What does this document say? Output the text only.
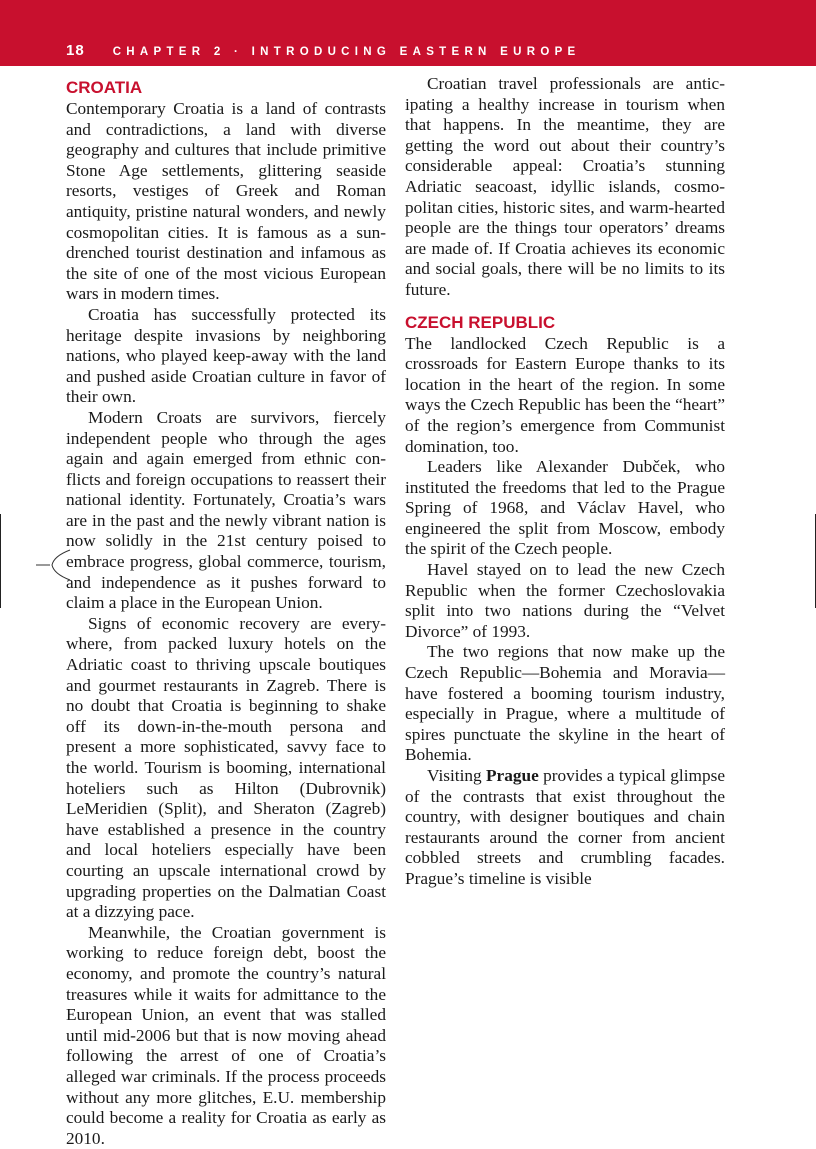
18 CHAPTER 2 · INTRODUCING EASTERN EUROPE
CROATIA

Contemporary Croatia is a land of contrasts and contradictions, a land with diverse geography and cultures that include primitive Stone Age settlements, glittering seaside resorts, vestiges of Greek and Roman antiquity, pristine natural wonders, and newly cosmopolitan cities. It is famous as a sun-drenched tourist destination and infamous as the site of one of the most vicious European wars in modern times.

Croatia has successfully protected its heritage despite invasions by neighboring nations, who played keep-away with the land and pushed aside Croatian culture in favor of their own.

Modern Croats are survivors, fiercely independent people who through the ages again and again emerged from ethnic conflicts and foreign occupations to reassert their national identity. Fortunately, Croatia’s wars are in the past and the newly vibrant nation is now solidly in the 21st century poised to embrace progress, global commerce, tourism, and independence as it pushes forward to claim a place in the European Union.

Signs of economic recovery are everywhere, from packed luxury hotels on the Adriatic coast to thriving upscale boutiques and gourmet restaurants in Zagreb. There is no doubt that Croatia is beginning to shake off its down-in-the-mouth persona and present a more sophisticated, savvy face to the world. Tourism is booming, international hoteliers such as Hilton (Dubrovnik) LeMeridien (Split), and Sheraton (Zagreb) have established a presence in the country and local hoteliers especially have been courting an upscale international crowd by upgrading properties on the Dalmatian Coast at a dizzying pace.

Meanwhile, the Croatian government is working to reduce foreign debt, boost the economy, and promote the country’s natural treasures while it waits for admittance to the European Union, an event that was stalled until mid-2006 but that is now moving ahead following the arrest of one of Croatia’s alleged war criminals. If the process proceeds without any more glitches, E.U. membership could become a reality for Croatia as early as 2010.

Croatian travel professionals are anticipating a healthy increase in tourism when that happens. In the meantime, they are getting the word out about their country’s considerable appeal: Croatia’s stunning Adriatic seacoast, idyllic islands, cosmopolitan cities, historic sites, and warm-hearted people are the things tour operators’ dreams are made of. If Croatia achieves its economic and social goals, there will be no limits to its future.

CZECH REPUBLIC

The landlocked Czech Republic is a crossroads for Eastern Europe thanks to its location in the heart of the region. In some ways the Czech Republic has been the “heart” of the region’s emergence from Communist domination, too.

Leaders like Alexander Dubček, who instituted the freedoms that led to the Prague Spring of 1968, and Václav Havel, who engineered the split from Moscow, embody the spirit of the Czech people.

Havel stayed on to lead the new Czech Republic when the former Czechoslovakia split into two nations during the “Velvet Divorce” of 1993.

The two regions that now make up the Czech Republic—Bohemia and Moravia—have fostered a booming tourism industry, especially in Prague, where a multitude of spires punctuate the skyline in the heart of Bohemia.

Visiting Prague provides a typical glimpse of the contrasts that exist throughout the country, with designer boutiques and chain restaurants around the corner from ancient cobbled streets and crumbling facades. Prague’s timeline is visible
